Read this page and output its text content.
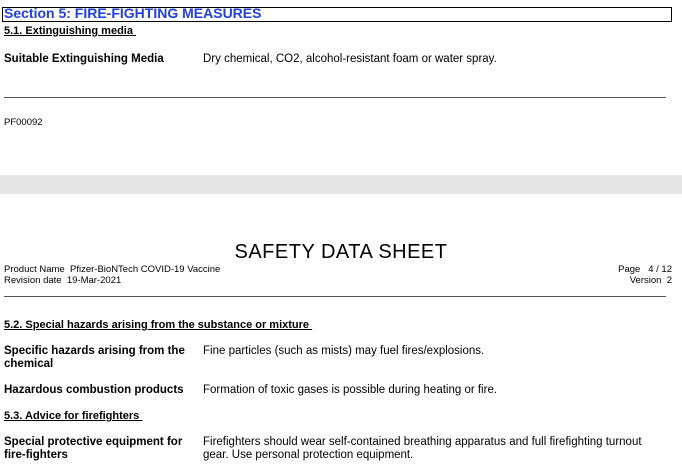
Section 5: FIRE-FIGHTING MEASURES
5.1. Extinguishing media
Suitable Extinguishing Media	Dry chemical, CO2, alcohol-resistant foam or water spray.
PF00092
SAFETY DATA SHEET
Product Name Pfizer-BioNTech COVID-19 Vaccine
Revision date 19-Mar-2021
Page   4 / 12
Version  2
5.2. Special hazards arising from the substance or mixture
Specific hazards arising from the
chemical
Fine particles (such as mists) may fuel fires/explosions.
Hazardous combustion products Formation of toxic gases is possible during heating or fire.
5.3. Advice for firefighters
Special protective equipment for
fire-fighters
Firefighters should wear self-contained breathing apparatus and full firefighting turnout
gear. Use personal protection equipment.
